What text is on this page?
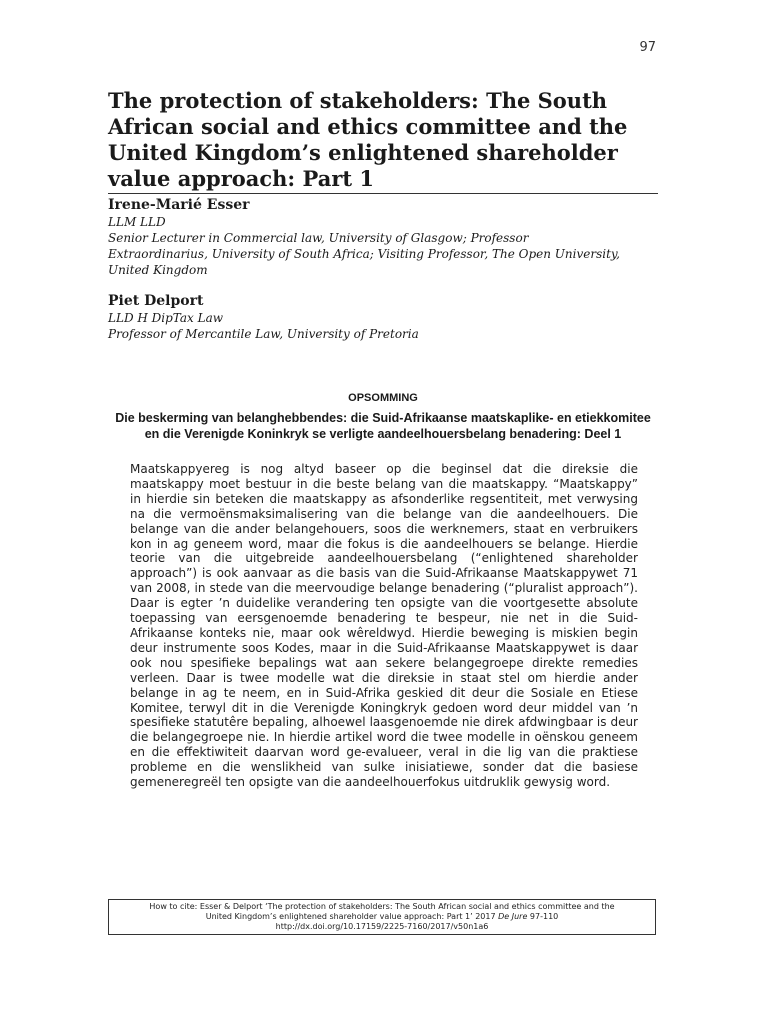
97
The protection of stakeholders: The South African social and ethics committee and the United Kingdom’s enlightened shareholder value approach: Part 1

Irene-Marié Esser

LLM LLD

Senior Lecturer in Commercial law, University of Glasgow; Professor

Extraordinarius, University of South Africa; Visiting Professor, The Open University,

United Kingdom

Piet Delport

LLD H DipTax Law

Professor of Mercantile Law, University of Pretoria

OPSOMMING

Die beskerming van belanghebbendes: die Suid-Afrikaanse maatskaplike- en etiekkomitee en die Verenigde Koninkryk se verligte aandeelhouersbelang benadering: Deel 1

Maatskappyereg is nog altyd baseer op die beginsel dat die direksie die maatskappy moet bestuur in die beste belang van die maatskappy. “Maatskappy” in hierdie sin beteken die maatskappy as afsonderlike regsentiteit, met verwysing na die vermoënsmaksimalisering van die belange van die aandeelhouers. Die belange van die ander belangehouers, soos die werknemers, staat en verbruikers kon in ag geneem word, maar die fokus is die aandeelhouers se belange. Hierdie teorie van die uitgebreide aandeelhouersbelang (“enlightened shareholder approach”) is ook aanvaar as die basis van die Suid-Afrikaanse Maatskappywet 71 van 2008, in stede van die meervoudige belange benadering (“pluralist approach”). Daar is egter ’n duidelike verandering ten opsigte van die voortgesette absolute toepassing van eersgenoemde benadering te bespeur, nie net in die Suid-Afrikaanse konteks nie, maar ook wêreldwyd. Hierdie beweging is miskien begin deur instrumente soos Kodes, maar in die Suid-Afrikaanse Maatskappywet is daar ook nou spesifieke bepalings wat aan sekere belangegroepe direkte remedies verleen. Daar is twee modelle wat die direksie in staat stel om hierdie ander belange in ag te neem, en in Suid-Afrika geskied dit deur die Sosiale en Etiese Komitee, terwyl dit in die Verenigde Koningkryk gedoen word deur middel van ’n spesifieke statutêre bepaling, alhoewel laasgenoemde nie direk afdwingbaar is deur die belangegroepe nie. In hierdie artikel word die twee modelle in oënskou geneem en die effektiwiteit daarvan word ge-evalueer, veral in die lig van die praktiese probleme en die wenslikheid van sulke inisiatiewe, sonder dat die basiese gemeneregreël ten opsigte van die aandeelhouerfokus uitdruklik gewysig word.

How to cite: Esser & Delport ‘The protection of stakeholders: The South African social and ethics committee and the
United Kingdom’s enlightened shareholder value approach: Part 1’ 2017 De Jure 97-110
http://dx.doi.org/10.17159/2225-7160/2017/v50n1a6
